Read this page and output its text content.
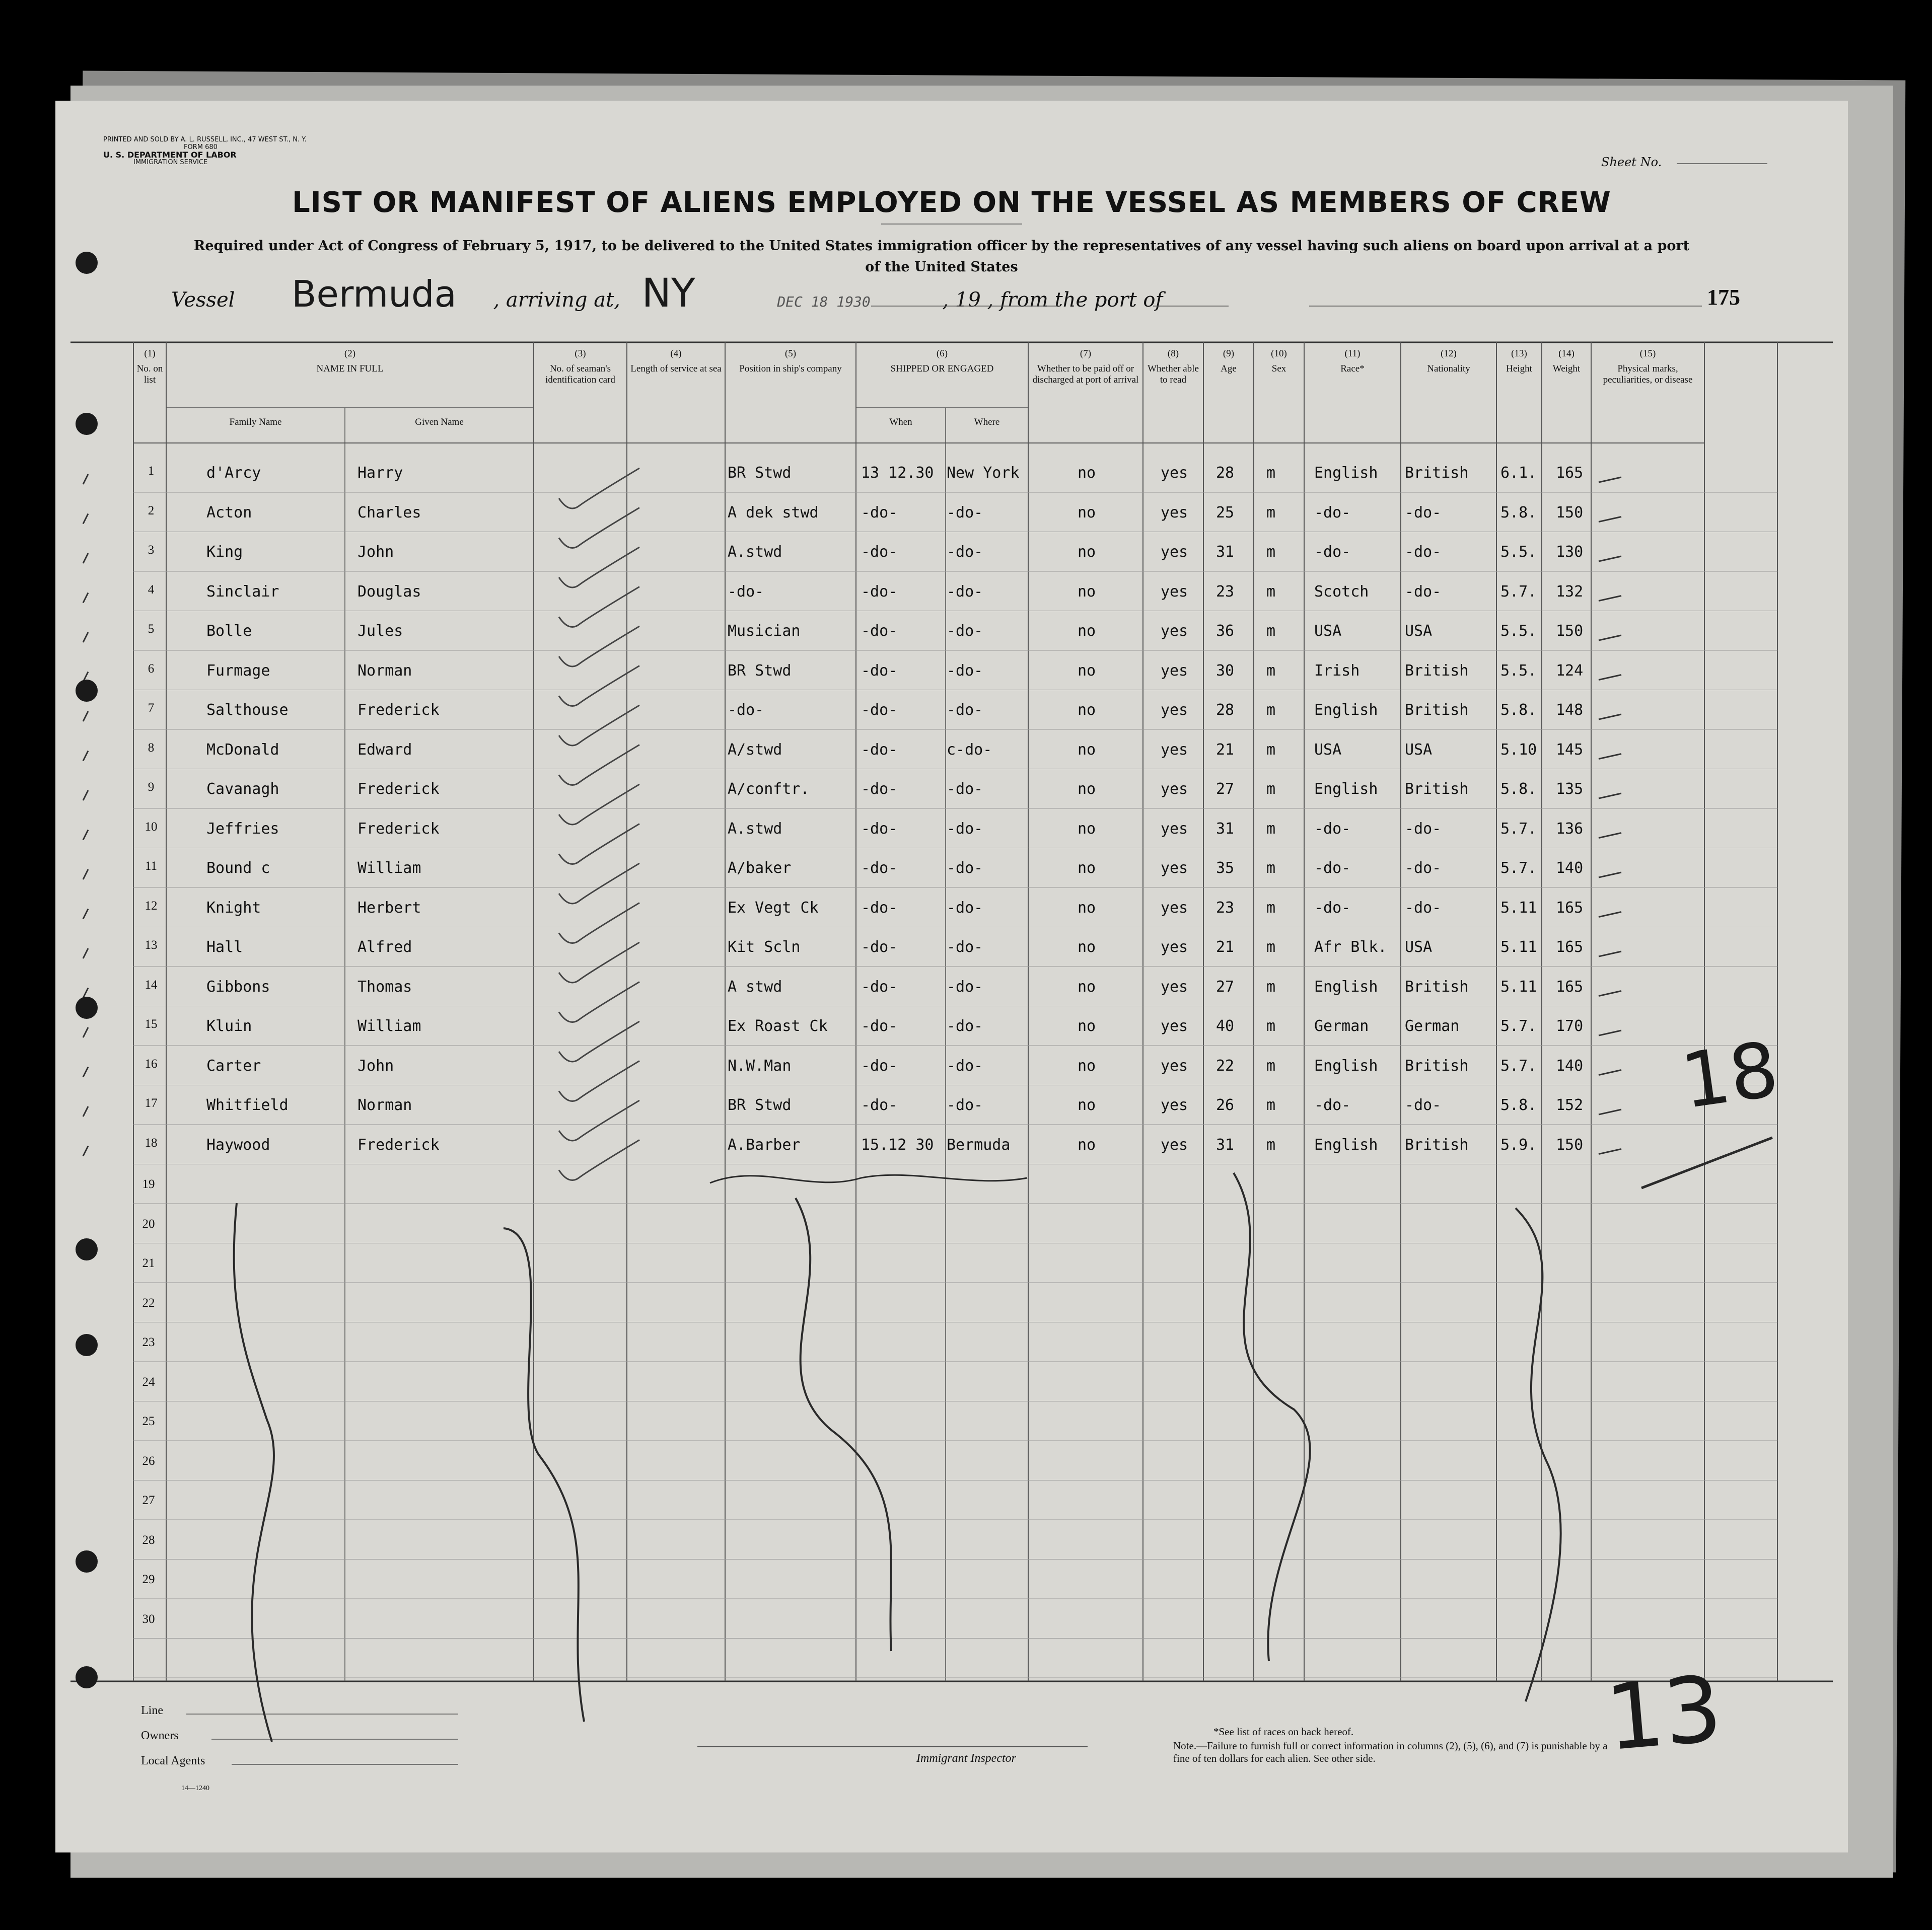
PRINTED AND SOLD BY A. L. RUSSELL, INC., 47 WEST ST., N. Y.
FORM 680
U. S. DEPARTMENT OF LABOR
IMMIGRATION SERVICE	Sheet No.
LIST OR MANIFEST OF ALIENS EMPLOYED ON THE VESSEL AS MEMBERS OF CREW
Required under Act of Congress of February 5, 1917, to be delivered to the United States immigration officer by the representatives of any vessel having such aliens on board upon arrival at a port of the United States
Vessel Bermuda , arriving at, NY	DEC 18 1930	, 19 , from the port of	175
(1)
No. on list
(2)
NAME IN FULL
(3)
No. of seaman's identification card
(4)
Length of service at sea
(5)
Position in ship's company
(6)
SHIPPED OR ENGAGED
(7)
Whether to be paid off or discharged at port of arrival
(8)
Whether able to read
(9)
Age
(10)
Sex
(11)
Race*
(12)
Nationality
(13)
Height
(14)
Weight
(15)
Physical marks, peculiarities, or disease
Family Name	Given Name	When	Where
1	d'Arcy	Harry	BR Stwd	13 12.30 New York	no	yes 28 m	English British 6.1. 165
2	Acton	Charles	A dek stwd	-do-	-do-	no	yes 25 m	-do-	-do-	5.8. 150
3	King	John	A.stwd	-do-	-do-	no	yes 31 m	-do-	-do-	5.5. 130
4	Sinclair	Douglas	-do-	-do-	-do-	no	yes 23 m	Scotch -do-	5.7. 132
5	Bolle	Jules	Musician	-do-	-do-	no	yes 36 m	USA	USA	5.5. 150
6	Furmage	Norman	BR Stwd	-do-	-do-	no	yes 30 m	Irish	British 5.5. 124
7	Salthouse	Frederick	-do-	-do-	-do-	no	yes 28 m	English British 5.8. 148
8	McDonald	Edward	A/stwd	-do-	c-do-	no	yes 21 m	USA	USA	5.10 145
9	Cavanagh	Frederick	A/conftr.	-do-	-do-	no	yes 27 m	English British 5.8. 135
10	Jeffries	Frederick	A.stwd	-do-	-do-	no	yes 31 m	-do-	-do-	5.7. 136
11	Bound c	William	A/baker	-do-	-do-	no	yes 35 m	-do-	-do-	5.7. 140
12	Knight	Herbert	Ex Vegt Ck	-do-	-do-	no	yes 23 m	-do-	-do-	5.11 165
13	Hall	Alfred	Kit Scln	-do-	-do-	no	yes 21 m	Afr Blk. USA	5.11 165
14	Gibbons	Thomas	A stwd	-do-	-do-	no	yes 27 m	English British 5.11 165
15	Kluin	William	Ex Roast Ck -do-	-do-	no	yes 40 m	German German	5.7. 170
16	Carter	John	N.W.Man	-do-	-do-	no	yes 22 m	English British 5.7. 140
17	Whitfield	Norman	BR Stwd	-do-	-do-	no	yes 26 m	-do-	-do-	5.8. 152
18	Haywood	Frederick	A.Barber	15.12 30 Bermuda	no	yes 31 m	English British 5.9. 150
19
20
21
22
23
24
25
26
27
28
29
30
18
13
Line
Owners
Local Agents
14—1240
Immigrant Inspector
*See list of races on back hereof.
Note.—Failure to furnish full or correct information in columns (2), (5), (6), and (7) is punishable by a fine of ten dollars for each alien. See other side.
